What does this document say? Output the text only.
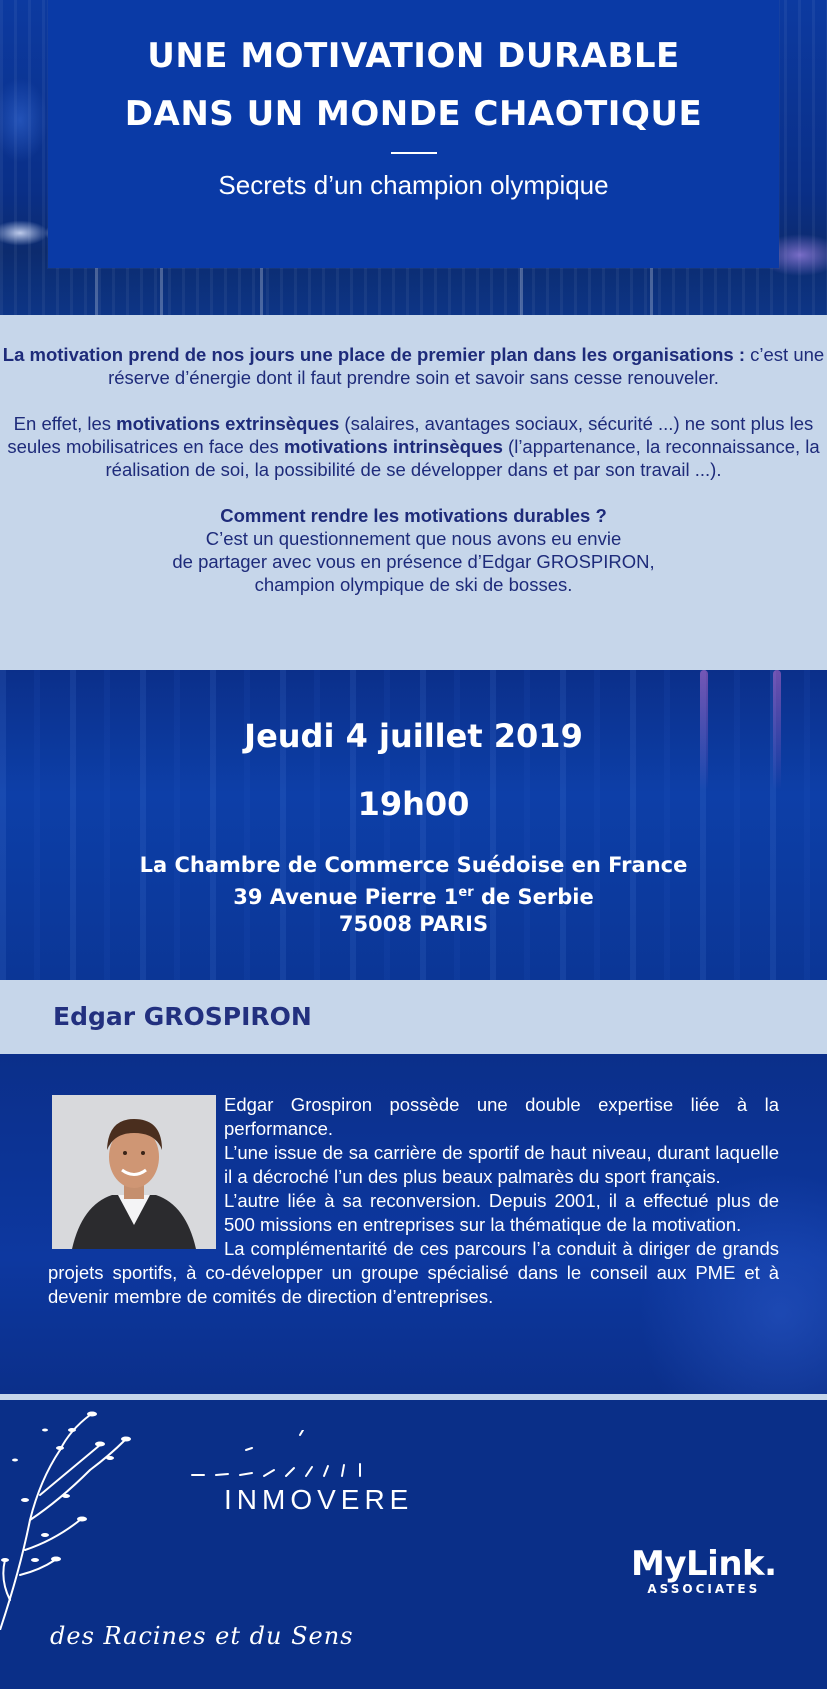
UNE MOTIVATION DURABLE
DANS UN MONDE CHAOTIQUE
Secrets d’un champion olympique

La motivation prend de nos jours une place de premier plan dans les organisations : c’est une réserve d’énergie dont il faut prendre soin et savoir sans cesse renouveler.

En effet, les motivations extrinsèques (salaires, avantages sociaux, sécurité ...) ne sont plus les seules mobilisatrices en face des motivations intrinsèques (l’appartenance, la reconnaissance, la réalisation de soi, la possibilité de se développer dans et par son travail ...).

Comment rendre les motivations durables ?
C’est un questionnement que nous avons eu envie
de partager avec vous en présence d’Edgar GROSPIRON,
champion olympique de ski de bosses.

Jeudi 4 juillet 2019
19h00
La Chambre de Commerce Suédoise en France
39 Avenue Pierre 1er de Serbie
75008 PARIS
Edgar GROSPIRON

Edgar Grospiron possède une double expertise liée à la performance.

L’une issue de sa carrière de sportif de haut niveau, durant laquelle il a décroché l’un des plus beaux palmarès du sport français.

L’autre liée à sa reconversion. Depuis 2001, il a effectué plus de 500 missions en entreprises sur la thématique de la motivation.

La complémentarité de ces parcours l’a conduit à diriger de grands projets sportifs, à co-développer un groupe spécialisé dans le conseil aux PME et à devenir membre de comités de direction d’entreprises.

INMOVERE
des Racines et du Sens
MyLink.
ASSOCIATES
